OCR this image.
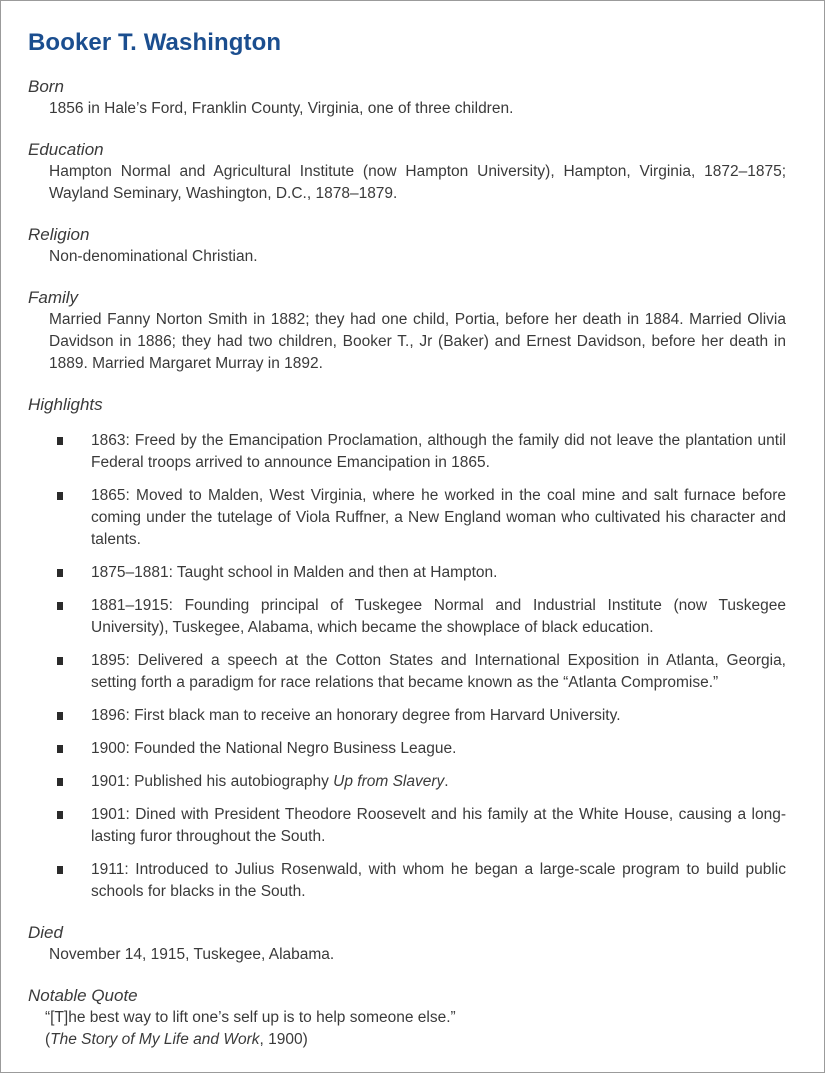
Booker T. Washington
Born

1856 in Hale’s Ford, Franklin County, Virginia, one of three children.

Education

Hampton Normal and Agricultural Institute (now Hampton University), Hampton, Virginia, 1872–1875; Wayland Seminary, Washington, D.C., 1878–1879.

Religion

Non-denominational Christian.

Family

Married Fanny Norton Smith in 1882; they had one child, Portia, before her death in 1884. Married Olivia Davidson in 1886; they had two children, Booker T., Jr (Baker) and Ernest Davidson, before her death in 1889. Married Margaret Murray in 1892.

Highlights
1863: Freed by the Emancipation Proclamation, although the family did not leave the plantation until Federal troops arrived to announce Emancipation in 1865.
1865: Moved to Malden, West Virginia, where he worked in the coal mine and salt furnace before coming under the tutelage of Viola Ruffner, a New England woman who cultivated his character and talents.
1875–1881: Taught school in Malden and then at Hampton.
1881–1915: Founding principal of Tuskegee Normal and Industrial Institute (now Tuskegee University), Tuskegee, Alabama, which became the showplace of black education.
1895: Delivered a speech at the Cotton States and International Exposition in Atlanta, Georgia, setting forth a paradigm for race relations that became known as the “Atlanta Compromise.”
1896: First black man to receive an honorary degree from Harvard University.
1900: Founded the National Negro Business League.
1901: Published his autobiography Up from Slavery.
1901: Dined with President Theodore Roosevelt and his family at the White House, causing a long-lasting furor throughout the South.
1911: Introduced to Julius Rosenwald, with whom he began a large-scale program to build public schools for blacks in the South.
Died

November 14, 1915, Tuskegee, Alabama.

Notable Quote

“[T]he best way to lift one’s self up is to help someone else.”

(The Story of My Life and Work, 1900)
